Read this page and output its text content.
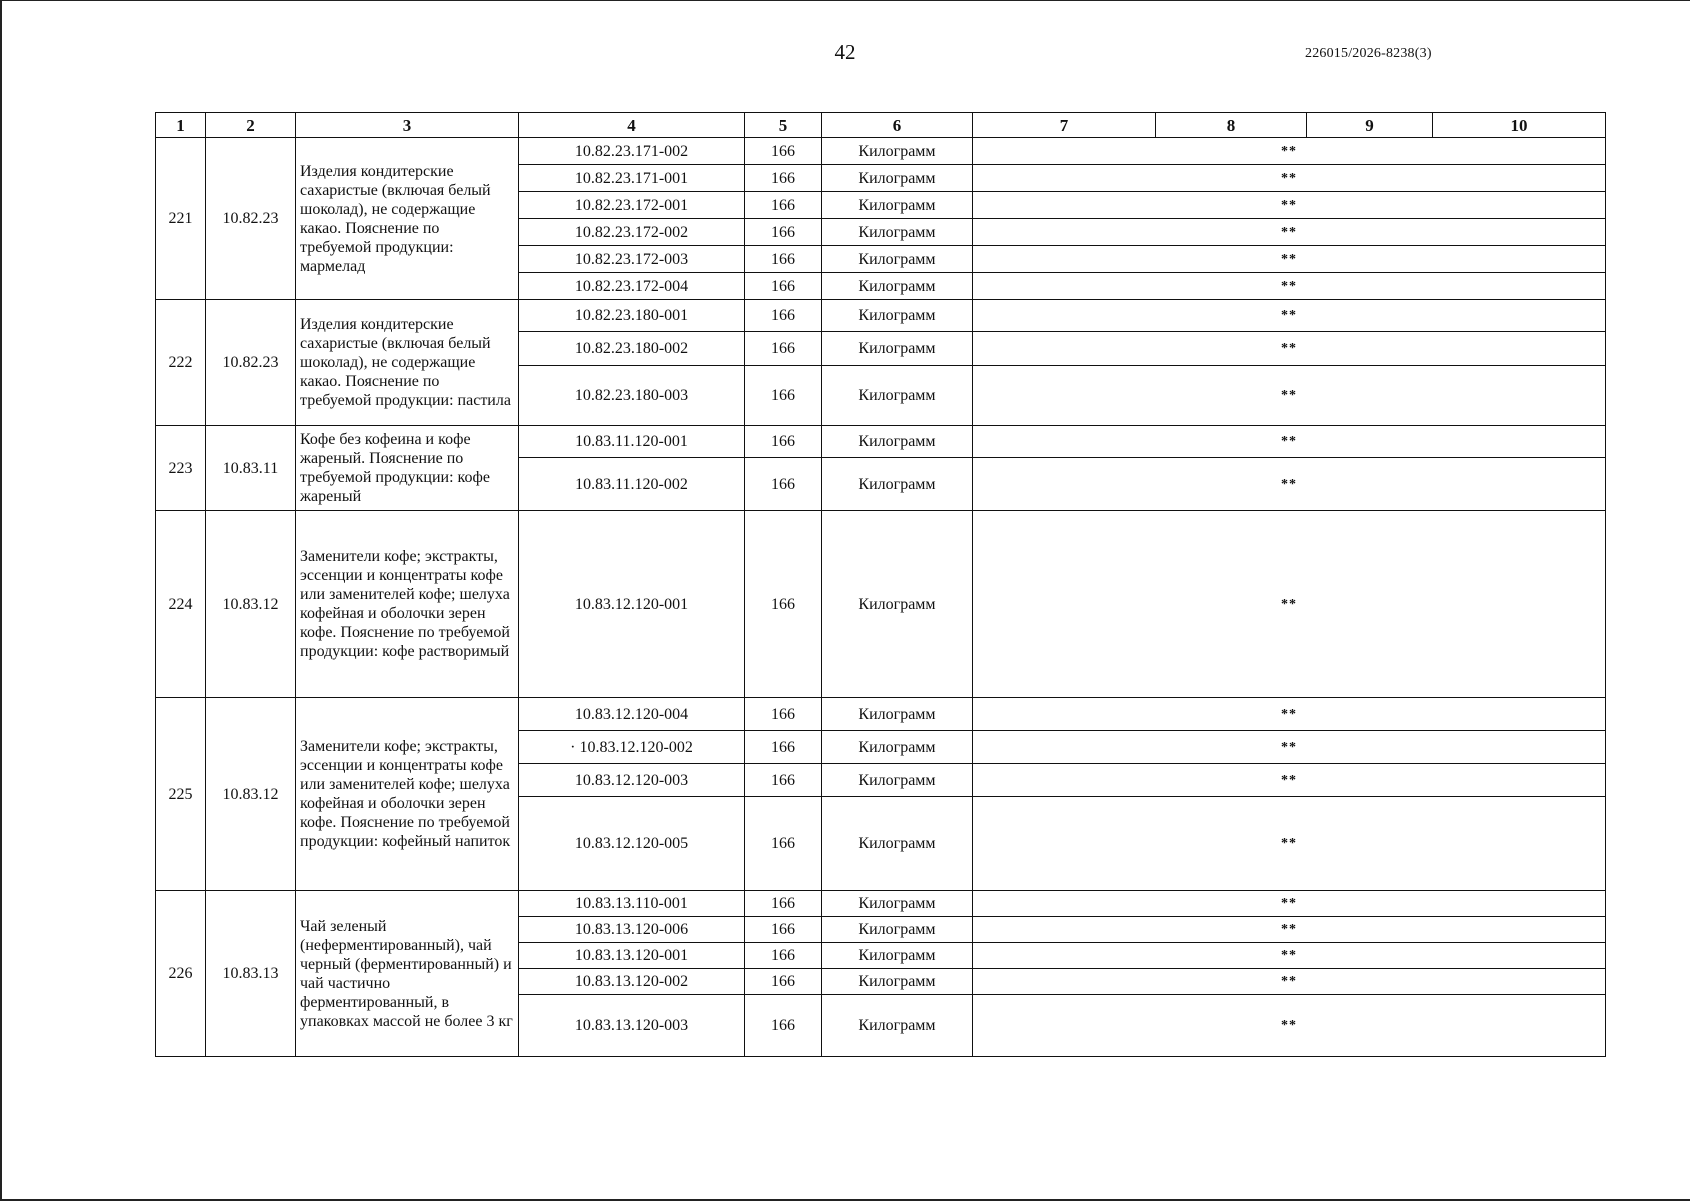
42	226015/2026-8238(3)
1	2	3	4	5	6	7	8	9	10
221	10.82.23	Изделия кондитерские сахаристые (включая белый шоколад), не содержащие какао. Пояснение по требуемой продукции: мармелад	10.82.23.171-002	166	Килограмм	**			
			10.82.23.171-001	166	Килограмм	**			
			10.82.23.172-001	166	Килограмм	**			
			10.82.23.172-002	166	Килограмм	**			
			10.82.23.172-003	166	Килограмм	**			
			10.82.23.172-004	166	Килограмм	**			
222	10.82.23	Изделия кондитерские сахаристые (включая белый шоколад), не содержащие какао. Пояснение по требуемой продукции: пастила	10.82.23.180-001	166	Килограмм	**			
			10.82.23.180-002	166	Килограмм	**			
			10.82.23.180-003	166	Килограмм	**			
223	10.83.11	Кофе без кофеина и кофе жареный. Пояснение по требуемой продукции: кофе жареный	10.83.11.120-001	166	Килограмм	**			
			10.83.11.120-002	166	Килограмм	**			
224	10.83.12	Заменители кофе; экстракты, эссенции и концентраты кофе или заменителей кофе; шелуха кофейная и оболочки зерен кофе. Пояснение по требуемой продукции: кофе растворимый	10.83.12.120-001	166	Килограмм	**			
225	10.83.12	Заменители кофе; экстракты, эссенции и концентраты кофе или заменителей кофе; шелуха кофейная и оболочки зерен кофе. Пояснение по требуемой продукции: кофейный напиток	10.83.12.120-004	166	Килограмм	**			
			· 10.83.12.120-002	166	Килограмм	**			
			10.83.12.120-003	166	Килограмм	**			
			10.83.12.120-005	166	Килограмм	**			
226	10.83.13	Чай зеленый (неферментированный), чай черный (ферментированный) и чай частично ферментированный, в упаковках массой не более 3 кг	10.83.13.110-001	166	Килограмм	**			
			10.83.13.120-006	166	Килограмм	**			
			10.83.13.120-001	166	Килограмм	**			
			10.83.13.120-002	166	Килограмм	**			
			10.83.13.120-003	166	Килограмм	**			
